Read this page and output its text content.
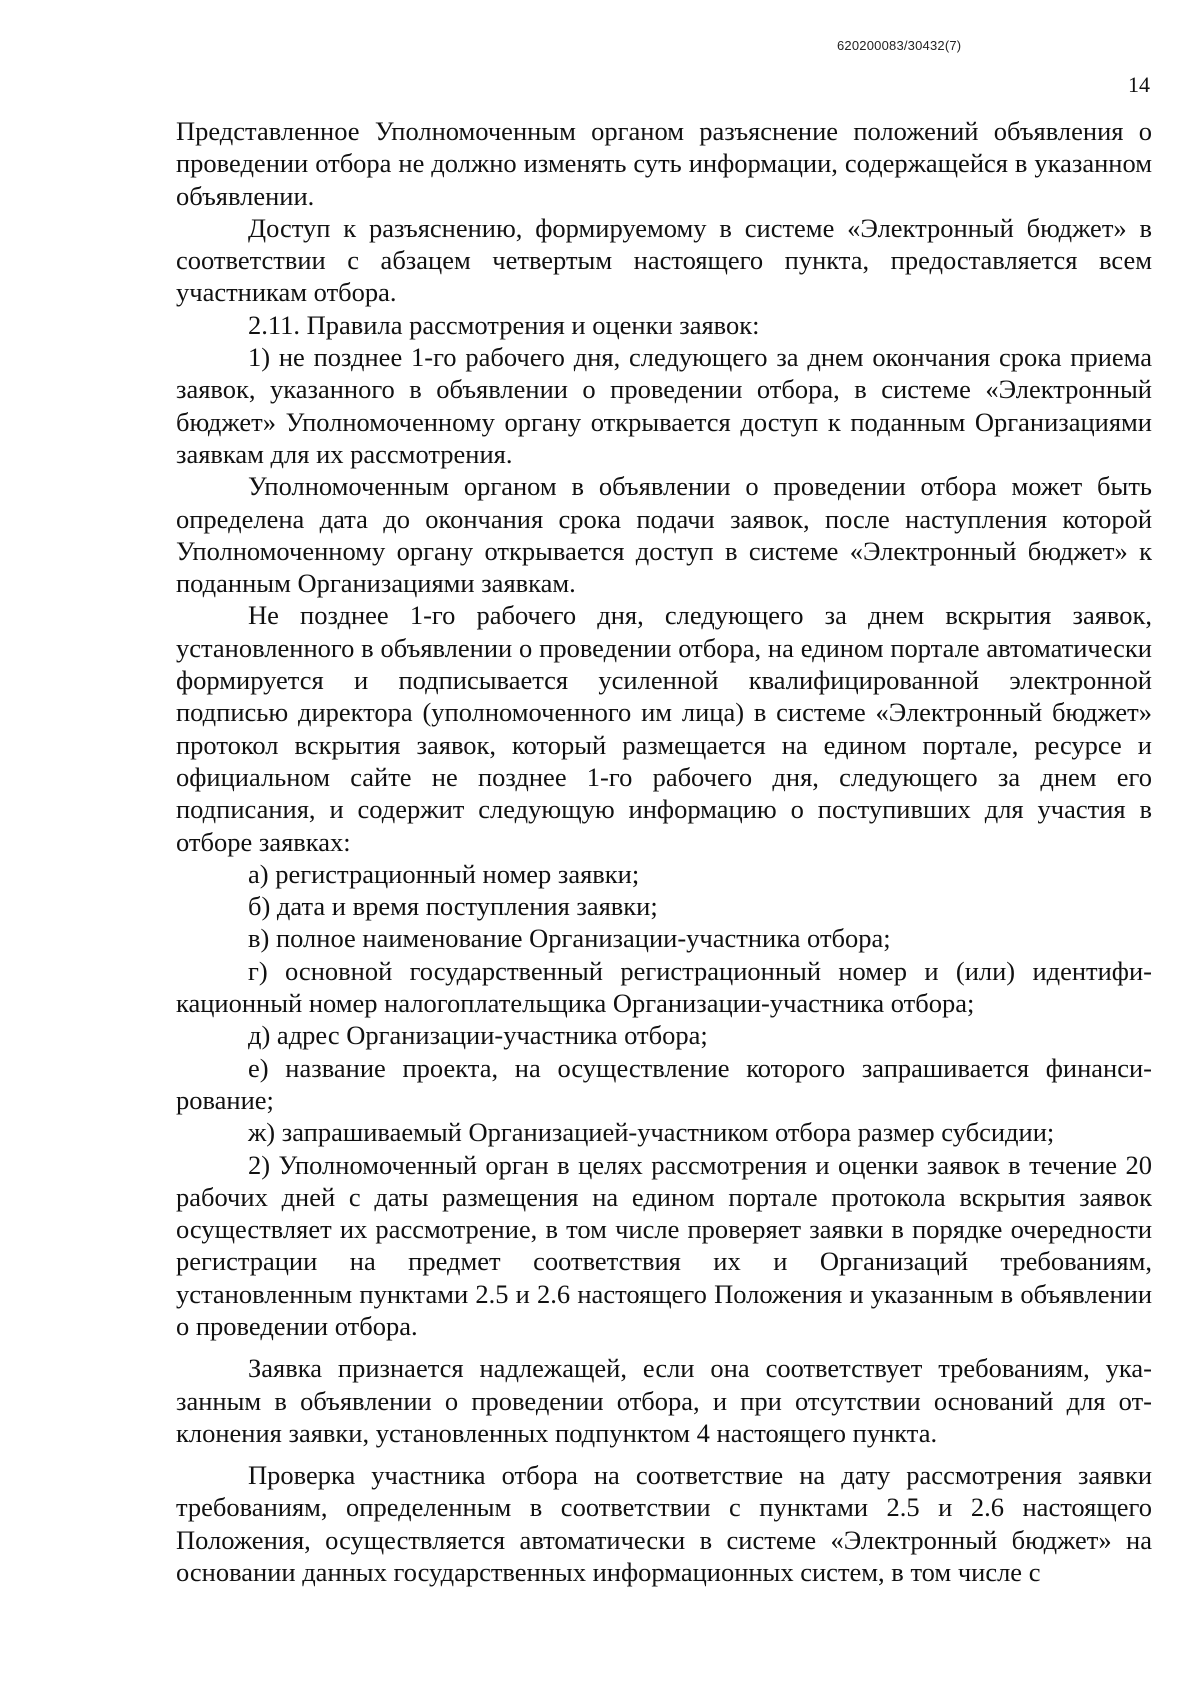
620200083/30432(7)
14

Представленное Уполномоченным органом разъяснение положений объявления о проведении отбора не должно изменять суть информации, содержащейся в указанном объявлении.

Доступ к разъяснению, формируемому в системе «Электронный бюджет» в соответствии с абзацем четвертым настоящего пункта, предоставляется всем участникам отбора.

2.11. Правила рассмотрения и оценки заявок:

1) не позднее 1-го рабочего дня, следующего за днем окончания срока приема заявок, указанного в объявлении о проведении отбора, в системе «Электронный бюджет» Уполномоченному органу открывается доступ к поданным Организациями заявкам для их рассмотрения.

Уполномоченным органом в объявлении о проведении отбора может быть определена дата до окончания срока подачи заявок, после наступления которой Уполномоченному органу открывается доступ в системе «Электронный бюджет» к поданным Организациями заявкам.

Не позднее 1-го рабочего дня, следующего за днем вскрытия заявок, установленного в объявлении о проведении отбора, на едином портале автоматически формируется и подписывается усиленной квалифицированной электронной подписью директора (уполномоченного им лица) в системе «Электронный бюджет» протокол вскрытия заявок, который размещается на едином портале, ресурсе и официальном сайте не позднее 1-го рабочего дня, следующего за днем его подписания, и содержит следующую информацию о поступивших для участия в отборе заявках:

а) регистрационный номер заявки;

б) дата и время поступления заявки;

в) полное наименование Организации-участника отбора;

г) основной государственный регистрационный номер и (или) идентификационный номер налогоплательщика Организации-участника отбора;

д) адрес Организации-участника отбора;

е) название проекта, на осуществление которого запрашивается финансирование;

ж) запрашиваемый Организацией-участником отбора размер субсидии;

2) Уполномоченный орган в целях рассмотрения и оценки заявок в течение 20 рабочих дней с даты размещения на едином портале протокола вскрытия заявок осуществляет их рассмотрение, в том числе проверяет заявки в порядке очередности регистрации на предмет соответствия их и Организаций требованиям, установленным пунктами 2.5 и 2.6 настоящего Положения и указанным в объявлении о проведении отбора.

Заявка признается надлежащей, если она соответствует требованиям, указанным в объявлении о проведении отбора, и при отсутствии оснований для отклонения заявки, установленных подпунктом 4 настоящего пункта.

Проверка участника отбора на соответствие на дату рассмотрения заявки требованиям, определенным в соответствии с пунктами 2.5 и 2.6 настоящего Положения, осуществляется автоматически в системе «Электронный бюджет» на основании данных государственных информационных систем, в том числе с
